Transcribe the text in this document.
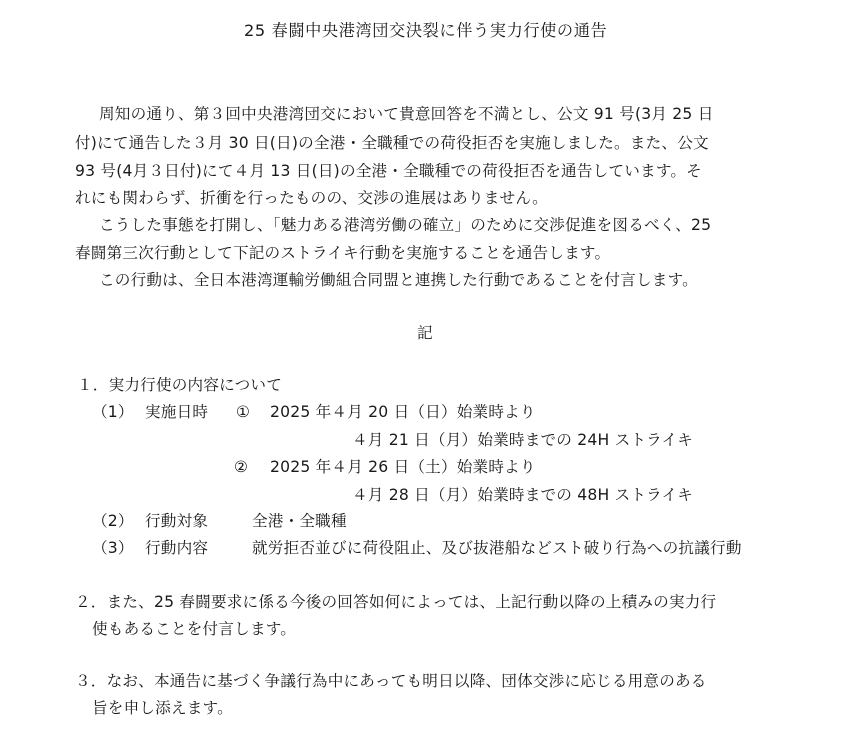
25 春闘中央港湾団交決裂に伴う実力行使の通告
周知の通り、第３回中央港湾団交において貴意回答を不満とし、公文 91 号(3月 25 日
付)にて通告した３月 30 日(日)の全港・全職種での荷役拒否を実施しました。また、公文
93 号(4月３日付)にて４月 13 日(日)の全港・全職種での荷役拒否を通告しています。そ
れにも関わらず、折衝を行ったものの、交渉の進展はありません。
こうした事態を打開し、「魅力ある港湾労働の確立」のために交渉促進を図るべく、25
春闘第三次行動として下記のストライキ行動を実施することを通告します。
この行動は、全日本港湾運輸労働組合同盟と連携した行動であることを付言します。
記
１．実力行使の内容について
（1） 実施日時 ① 2025 年４月 20 日（日）始業時より
４月 21 日（月）始業時までの 24H ストライキ
② 2025 年４月 26 日（土）始業時より
４月 28 日（月）始業時までの 48H ストライキ
（2） 行動対象	全港・全職種
（3） 行動内容	就労拒否並びに荷役阻止、及び抜港船などスト破り行為への抗議行動
２．また、25 春闘要求に係る今後の回答如何によっては、上記行動以降の上積みの実力行
使もあることを付言します。
３．なお、本通告に基づく争議行為中にあっても明日以降、団体交渉に応じる用意のある
旨を申し添えます。
